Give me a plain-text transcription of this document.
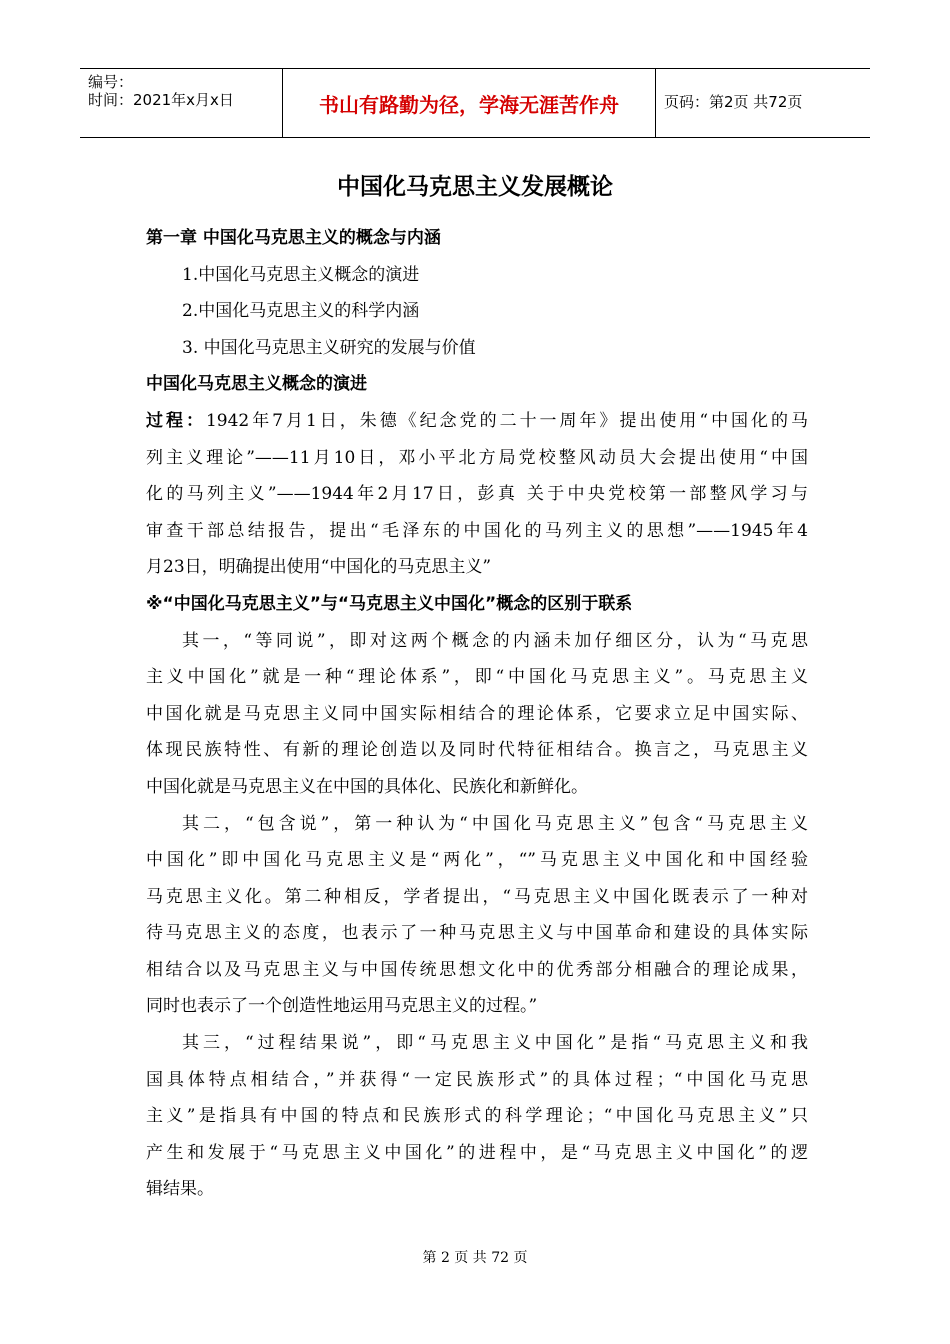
编号：
时间：2021年x月x日	书山有路勤为径，学海无涯苦作舟	页码：第2页 共72页
中国化马克思主义发展概论
第一章 中国化马克思主义的概念与内涵
1.中国化马克思主义概念的演进
2.中国化马克思主义的科学内涵
3. 中国化马克思主义研究的发展与价值
中国化马克思主义概念的演进
过程：1942年7月1日，朱德《纪念党的二十一周年》提出使用“中国化的马
列主义理论”——11月10日，邓小平北方局党校整风动员大会提出使用“中国
化的马列主义”——1944年2月17日，彭真 关于中央党校第一部整风学习与
审查干部总结报告，提出“毛泽东的中国化的马列主义的思想”——1945年4
月23日，明确提出使用“中国化的马克思主义”
※“中国化马克思主义”与“马克思主义中国化”概念的区别于联系
其一，“等同说”，即对这两个概念的内涵未加仔细区分，认为“马克思
主义中国化”就是一种“理论体系”，即“中国化马克思主义”。马克思主义
中国化就是马克思主义同中国实际相结合的理论体系，它要求立足中国实际、
体现民族特性、有新的理论创造以及同时代特征相结合。换言之，马克思主义
中国化就是马克思主义在中国的具体化、民族化和新鲜化。
其二，“包含说”，第一种认为“中国化马克思主义”包含“马克思主义
中国化”即中国化马克思主义是“两化”，“”马克思主义中国化和中国经验
马克思主义化。第二种相反，学者提出，“马克思主义中国化既表示了一种对
待马克思主义的态度，也表示了一种马克思主义与中国革命和建设的具体实际
相结合以及马克思主义与中国传统思想文化中的优秀部分相融合的理论成果，
同时也表示了一个创造性地运用马克思主义的过程。”
其三，“过程结果说”，即“马克思主义中国化”是指“马克思主义和我
国具体特点相结合，”并获得“一定民族形式”的具体过程；“中国化马克思
主义”是指具有中国的特点和民族形式的科学理论；“中国化马克思主义”只
产生和发展于“马克思主义中国化”的进程中，是“马克思主义中国化”的逻
辑结果。
第 2 页 共 72 页
